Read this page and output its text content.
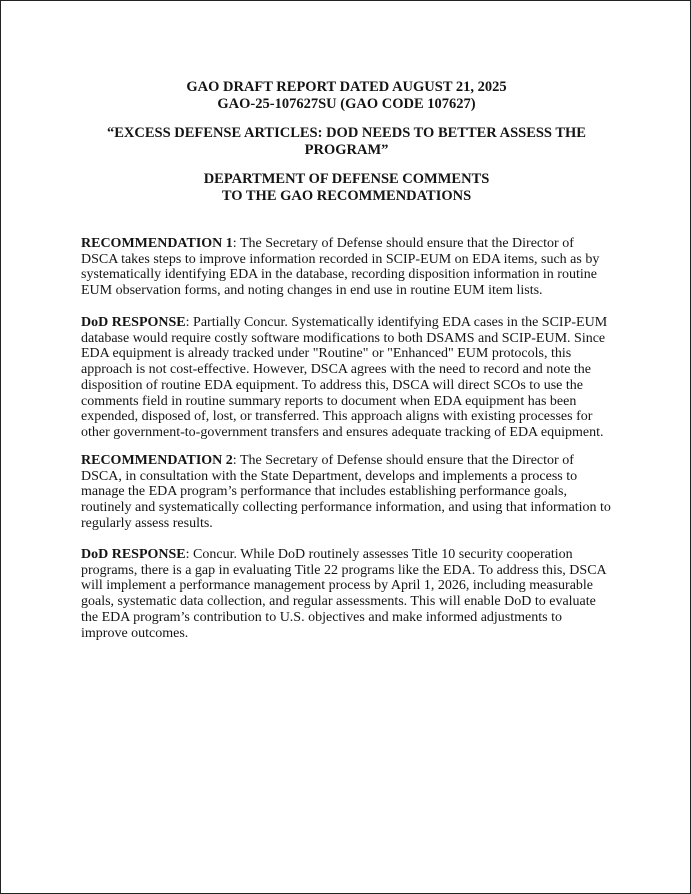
GAO DRAFT REPORT DATED AUGUST 21, 2025
GAO-25-107627SU (GAO CODE 107627)
“EXCESS DEFENSE ARTICLES: DOD NEEDS TO BETTER ASSESS THE
PROGRAM”
DEPARTMENT OF DEFENSE COMMENTS
TO THE GAO RECOMMENDATIONS
RECOMMENDATION 1: The Secretary of Defense should ensure that the Director of DSCA takes steps to improve information recorded in SCIP-EUM on EDA items, such as by systematically identifying EDA in the database, recording disposition information in routine EUM observation forms, and noting changes in end use in routine EUM item lists.
DoD RESPONSE: Partially Concur. Systematically identifying EDA cases in the SCIP-EUM database would require costly software modifications to both DSAMS and SCIP-EUM. Since EDA equipment is already tracked under "Routine" or "Enhanced" EUM protocols, this approach is not cost-effective. However, DSCA agrees with the need to record and note the disposition of routine EDA equipment. To address this, DSCA will direct SCOs to use the comments field in routine summary reports to document when EDA equipment has been expended, disposed of, lost, or transferred. This approach aligns with existing processes for other government-to-government transfers and ensures adequate tracking of EDA equipment.
RECOMMENDATION 2: The Secretary of Defense should ensure that the Director of DSCA, in consultation with the State Department, develops and implements a process to manage the EDA program’s performance that includes establishing performance goals, routinely and systematically collecting performance information, and using that information to regularly assess results.
DoD RESPONSE: Concur. While DoD routinely assesses Title 10 security cooperation programs, there is a gap in evaluating Title 22 programs like the EDA. To address this, DSCA will implement a performance management process by April 1, 2026, including measurable goals, systematic data collection, and regular assessments. This will enable DoD to evaluate the EDA program’s contribution to U.S. objectives and make informed adjustments to improve outcomes.
